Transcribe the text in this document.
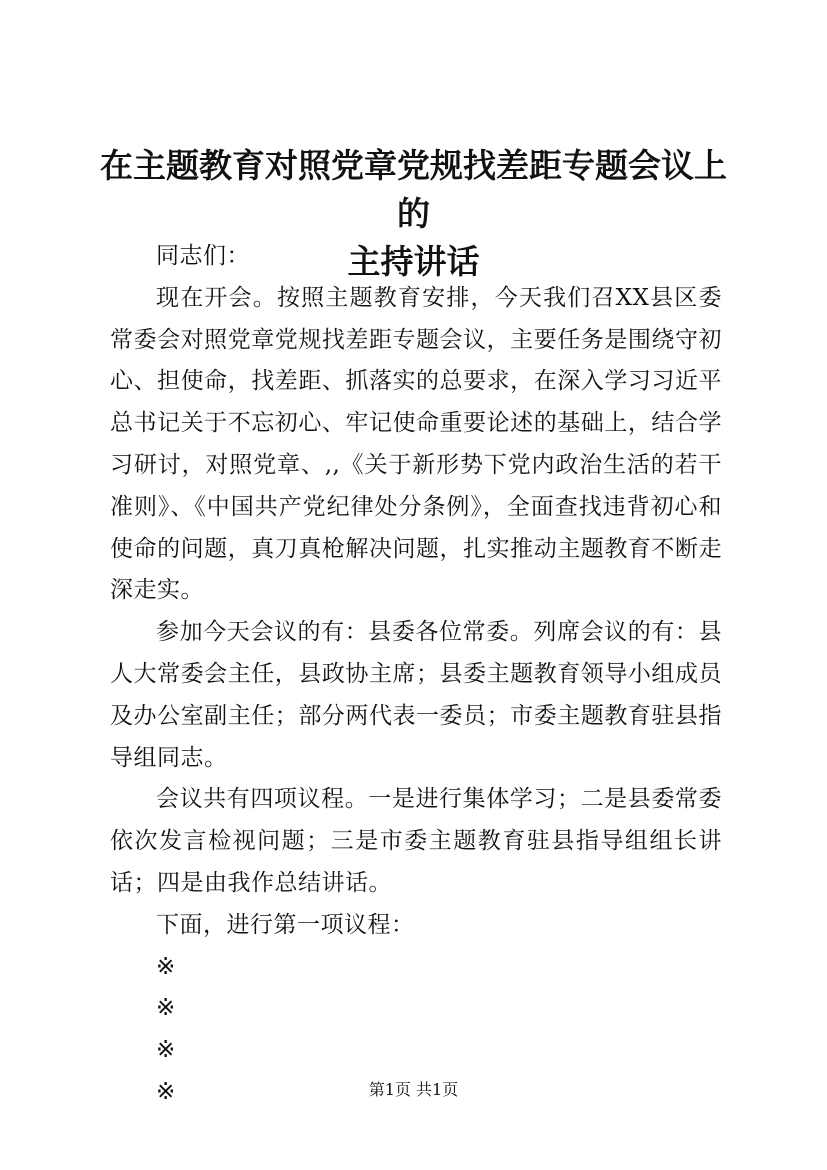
在主题教育对照党章党规找差距专题会议上的
主持讲话

同志们：

现在开会。按照主题教育安排，今天我们召XX县区委常委会对照党章党规找差距专题会议，主要任务是围绕守初心、担使命，找差距、抓落实的总要求，在深入学习习近平总书记关于不忘初心、牢记使命重要论述的基础上，结合学习研讨，对照党章、,,《关于新形势下党内政治生活的若干准则》、《中国共产党纪律处分条例》，全面查找违背初心和使命的问题，真刀真枪解决问题，扎实推动主题教育不断走深走实。

参加今天会议的有：县委各位常委。列席会议的有：县人大常委会主任，县政协主席；县委主题教育领导小组成员及办公室副主任；部分两代表一委员；市委主题教育驻县指导组同志。

会议共有四项议程。一是进行集体学习；二是县委常委依次发言检视问题；三是市委主题教育驻县指导组组长讲话；四是由我作总结讲话。

下面，进行第一项议程：

※

※

※

※	第1页 共1页
